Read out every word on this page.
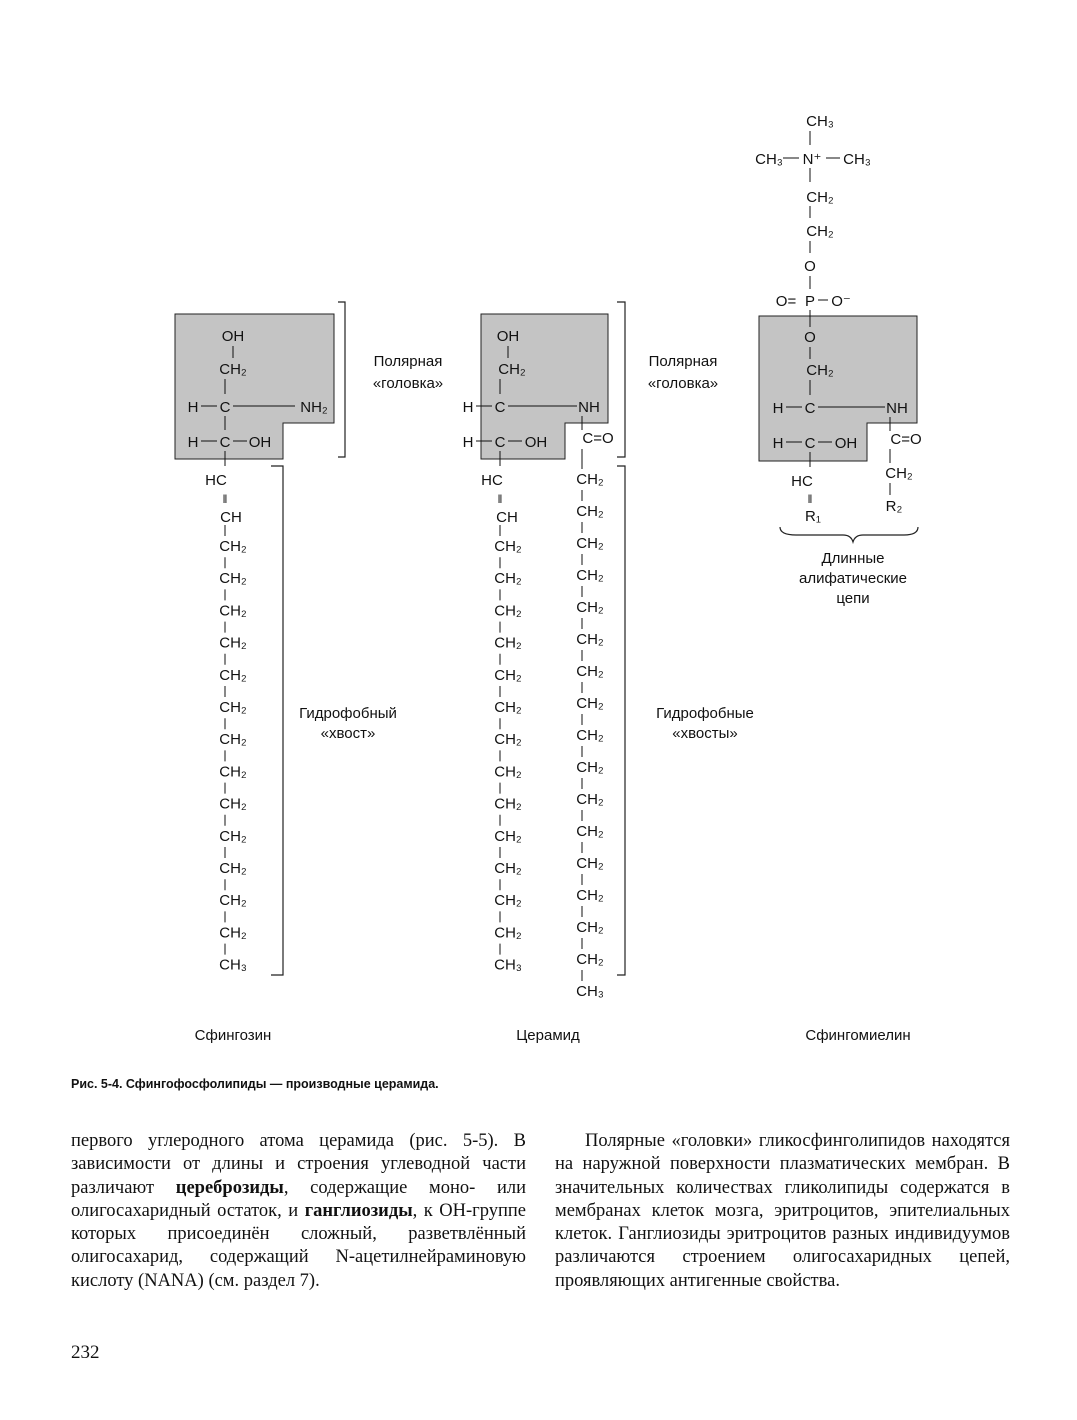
OH
CH₂
H C	NH₂
H C OH
HC
‖
CH
CH₂
CH₂
CH₂
CH₂
CH₂
CH₂
CH₂
CH₂
CH₂
CH₂
CH₂
CH₂
CH₂
CH₃
Полярная
«головка»
Гидрофобный
«хвост»
Сфингозин
OH
CH₂
H C	NH
H C OH C=O
HC
‖
CH
CH₂
CH₂
CH₂
CH₂
CH₂
CH₂
CH₂
CH₂
CH₂
CH₂
CH₂
CH₂
CH₂
CH₃
CH₂
CH₂
CH₂
CH₂
CH₂
CH₂
CH₂
CH₂
CH₂
CH₂
CH₂
CH₂
CH₂
CH₂
CH₂
CH₂
CH₃
Полярная
«головка»
Гидрофобные
«хвосты»
Церамид
CH₃
CH₃ N⁺ CH₃
CH₂
CH₂
O
O= P O⁻
O
CH₂
H C	NH
H C OH C=O
HC
‖
R₁
CH₂
R₂
Длинные
алифатические
цепи
Сфингомиелин
Рис. 5-4. Сфингофосфолипиды — производные церамида.

первого углеродного атома церамида (рис. 5-5). В зависимости от длины и строения углеводной части различают цереброзиды, содержащие моно- или олигосахаридный остаток, и ганглиозиды, к ОН-группе которых присоединён сложный, разветвлённый олигосахарид, содержащий N-ацетилнейраминовую кислоту (NANA) (см. раздел 7).

Полярные «головки» гликосфинголипидов находятся на наружной поверхности плазматических мембран. В значительных количествах гликолипиды содержатся в мембранах клеток мозга, эритроцитов, эпителиальных клеток. Ганглиозиды эритроцитов разных индивидуумов различаются строением олигосахаридных цепей, проявляющих антигенные свойства.

232
